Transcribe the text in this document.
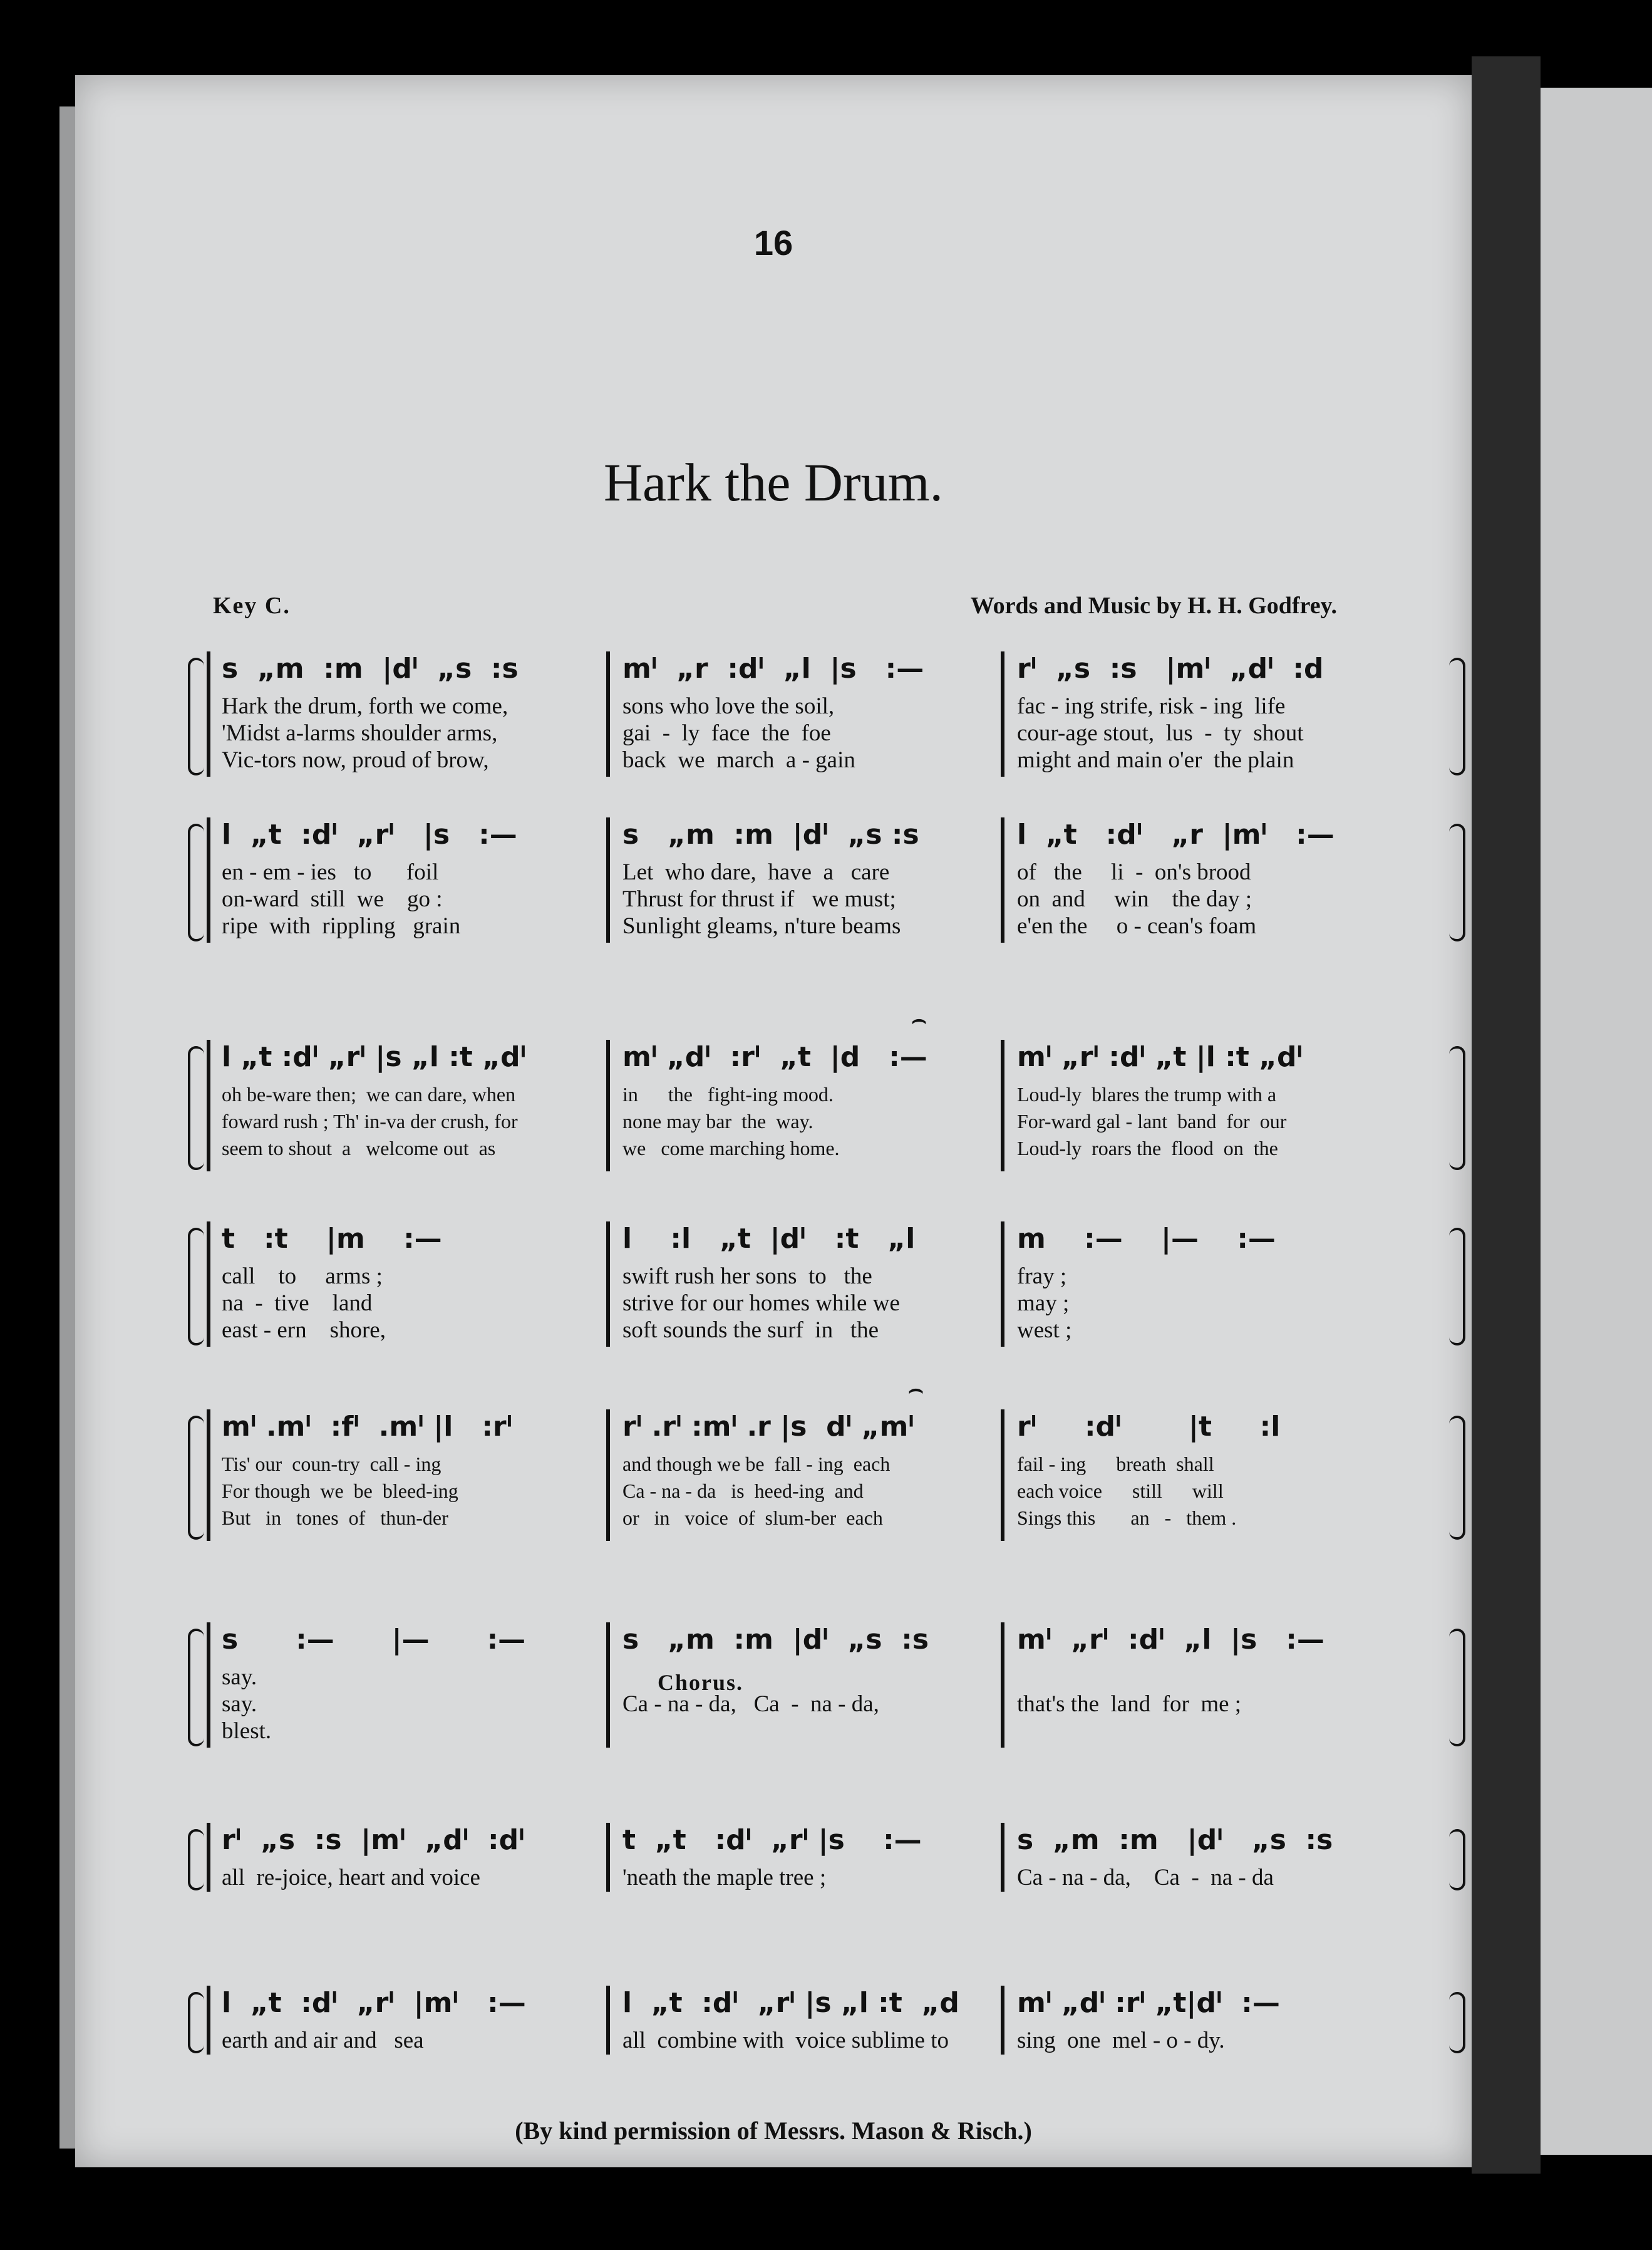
16
Hark the Drum.
Key C.	Words and Music by H. H. Godfrey.
Chorus.
(By kind permission of Messrs. Mason & Risch.)
s  „m  :m  |dˡ  „s  :s
Hark the drum, forth we come,
'Midst a-larms shoulder arms,
Vic-tors now, proud of brow,
mˡ  „r  :dˡ  „l  |s   :—
sons who love the soil,
gai  -  ly  face  the  foe
back  we  march  a - gain
rˡ  „s  :s   |mˡ  „dˡ  :d
fac - ing strife, risk - ing  life
cour-age stout,  lus  -  ty  shout
might and main o'er  the plain
l  „t  :dˡ  „rˡ   |s   :—
en - em - ies   to      foil
on-ward  still  we    go :
ripe  with  rippling   grain
s   „m  :m  |dˡ  „s :s
Let  who dare,  have  a   care
Thrust for thrust if   we must;
Sunlight gleams, n'ture beams
l  „t   :dˡ   „r  |mˡ   :—
of   the     li  -  on's brood
on  and     win    the day ;
e'en the     o - cean's foam
l „t :dˡ „rˡ |s „l :t „dˡ
oh be-ware then;  we can dare, when
foward rush ; Th' in-va der crush, for
seem to shout  a   welcome out  as
mˡ „dˡ  :rˡ  „t  |d   :—
in      the   fight-ing mood.
none may bar  the  way.
we   come marching home.
mˡ „rˡ :dˡ „t |l :t „dˡ
Loud-ly  blares the trump with a
For-ward gal - lant  band  for  our
Loud-ly  roars the  flood  on  the
t   :t    |m    :—
call    to     arms ;
na  -  tive    land
east - ern    shore,
l    :l   „t  |dˡ   :t   „l
swift rush her sons  to   the
strive for our homes while we
soft sounds the surf  in   the
m    :—    |—    :—
fray ;
may ;
west ;
mˡ .mˡ  :fˡ  .mˡ |l   :rˡ
Tis' our  coun-try  call - ing
For though  we  be  bleed-ing
But   in   tones  of   thun-der
rˡ .rˡ :mˡ .r |s  dˡ „mˡ
and though we be  fall - ing  each
Ca - na - da   is  heed-ing  and
or   in   voice  of  slum-ber  each
rˡ     :dˡ       |t     :l
fail - ing      breath  shall
each voice      still      will
Sings this       an   -   them .
s      :—      |—      :—
say.
say.
blest.
s   „m  :m  |dˡ  „s  :s
Ca - na - da,   Ca  -  na - da,
mˡ  „rˡ  :dˡ  „l  |s   :—
that's the  land  for  me ;
rˡ  „s  :s  |mˡ  „dˡ  :dˡ
all  re-joice, heart and voice
t  „t   :dˡ  „rˡ |s    :—
'neath the maple tree ;
s  „m  :m   |dˡ   „s  :s
Ca - na - da,    Ca  -  na - da
l  „t  :dˡ  „rˡ  |mˡ   :—
earth and air and   sea
l  „t  :dˡ  „rˡ |s „l :t  „d
all  combine with  voice sublime to
mˡ „dˡ :rˡ „t|dˡ  :—
sing  one  mel - o - dy.
⌢
⌢
